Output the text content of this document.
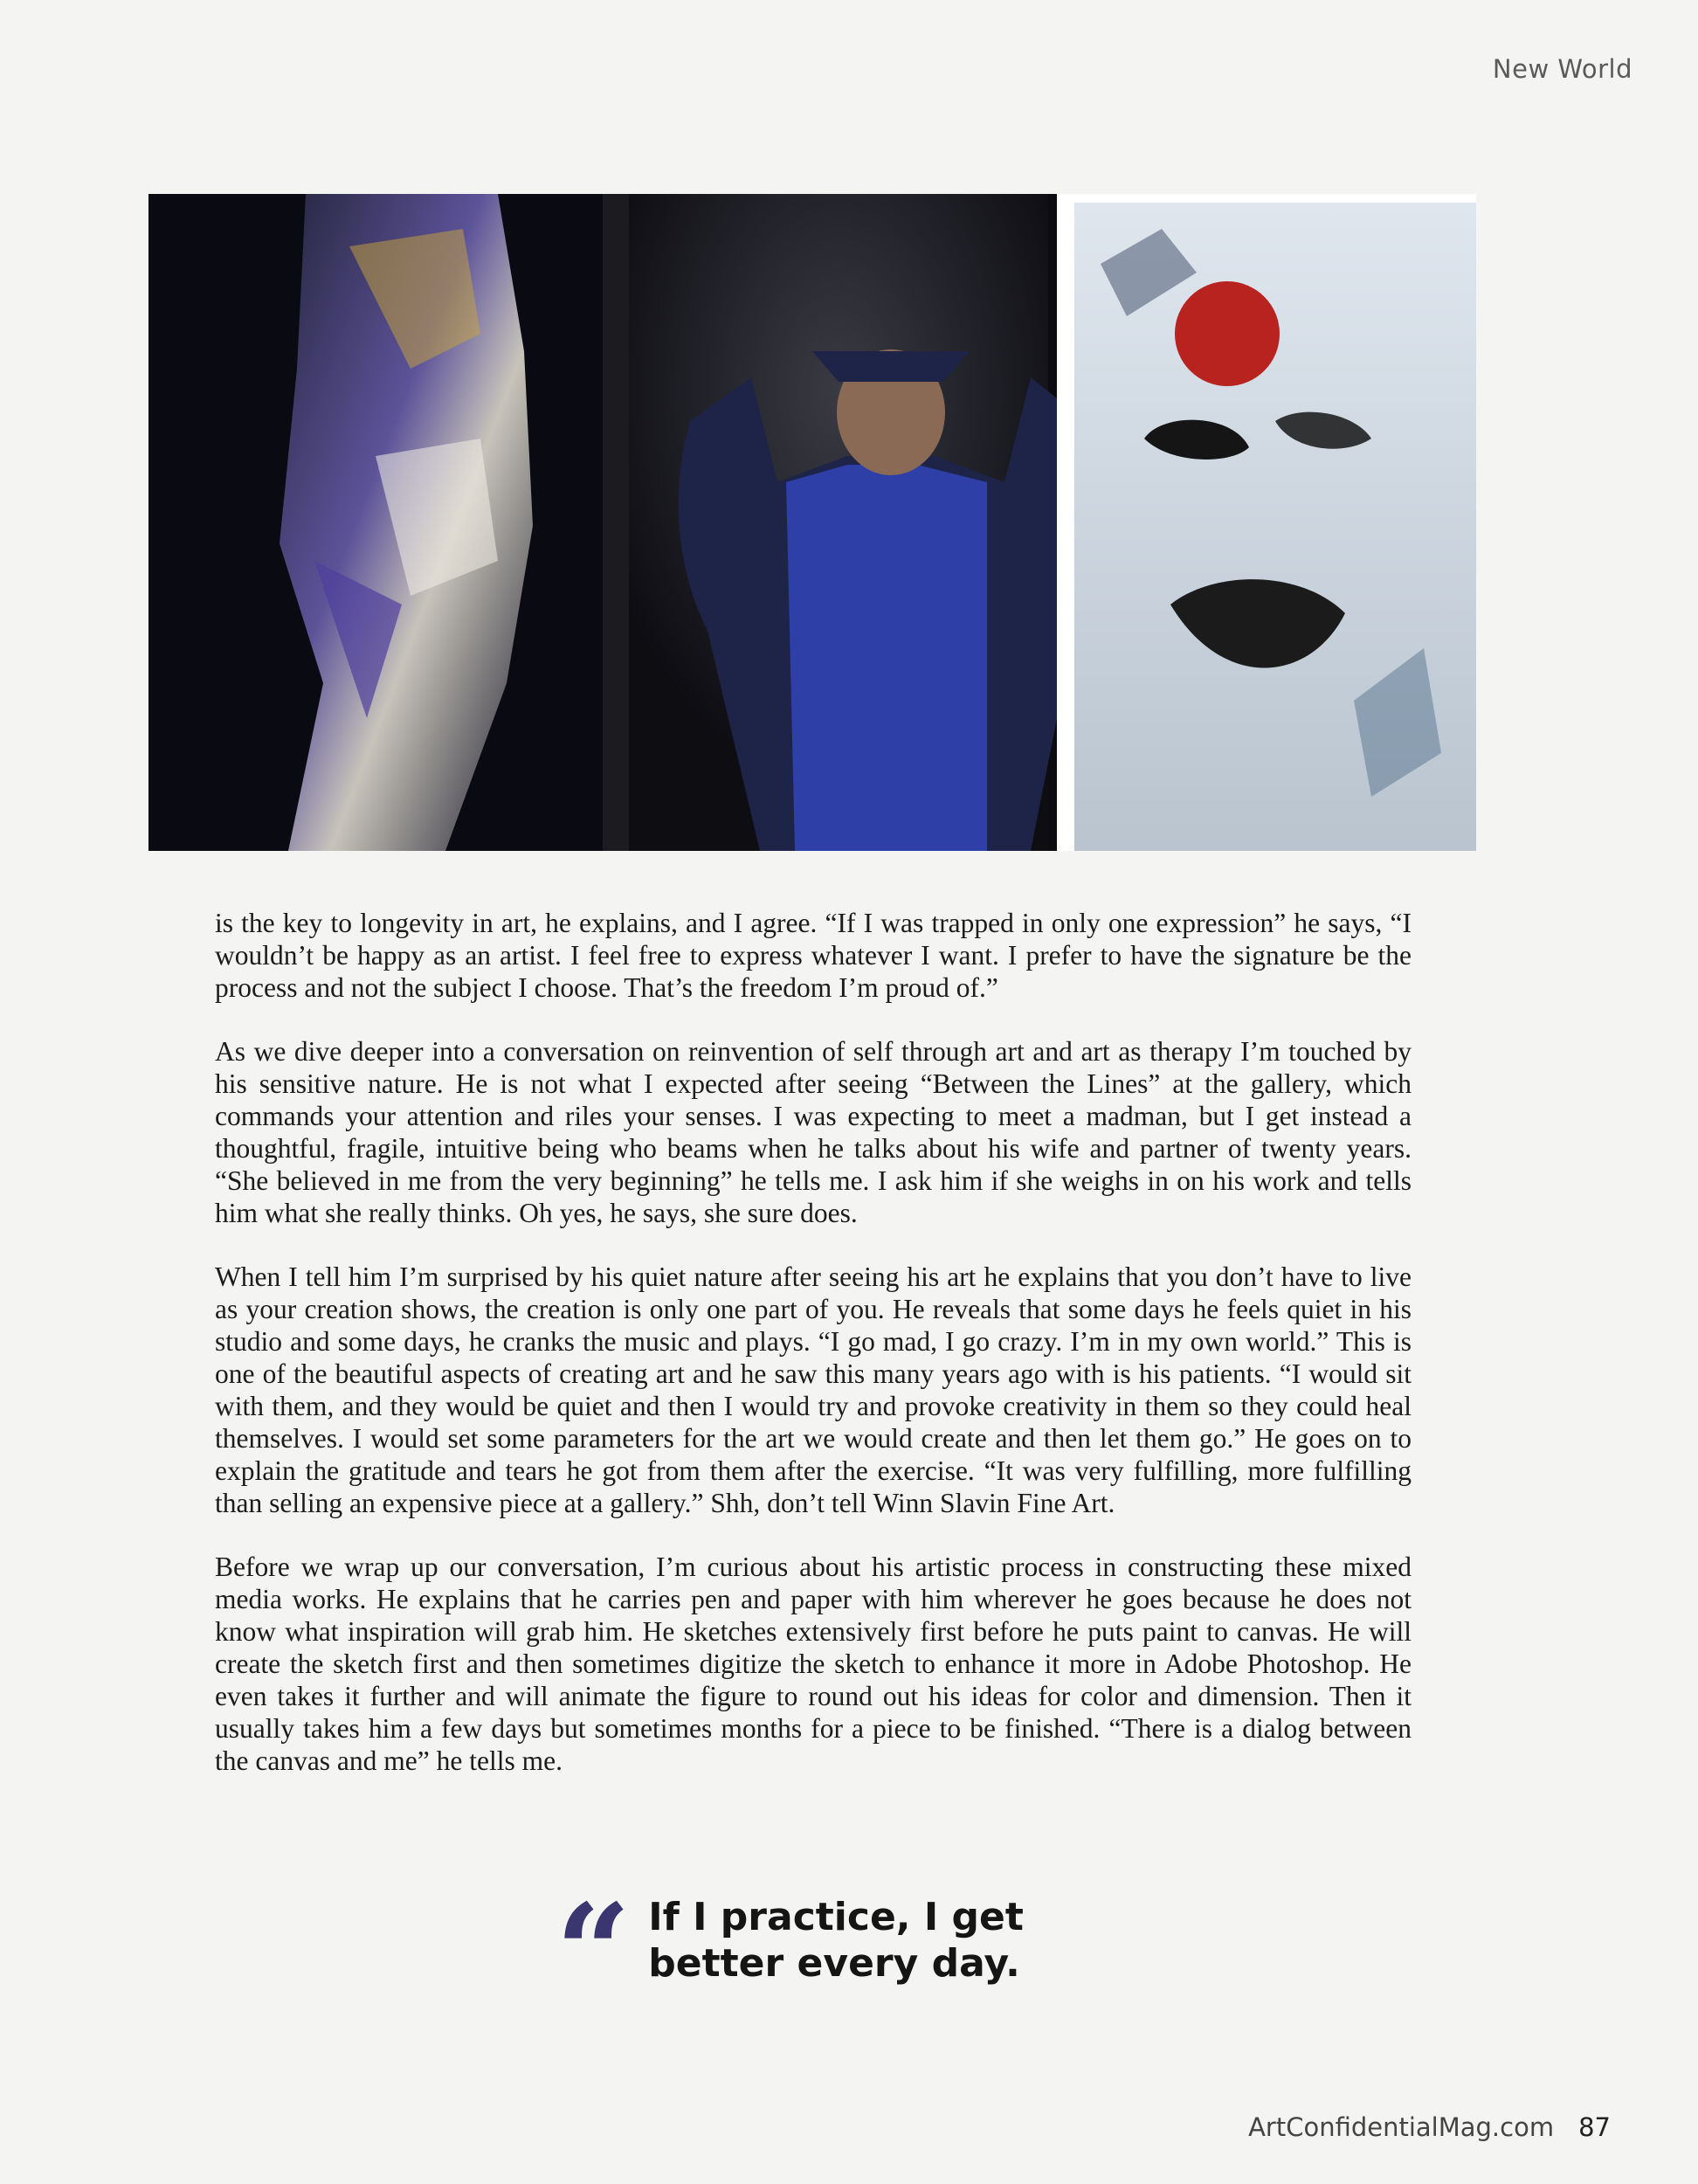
New World

is the key to longevity in art, he explains, and I agree. “If I was trapped in only one expression” he says, “I wouldn’t be happy as an artist. I feel free to express whatever I want. I prefer to have the signature be the process and not the subject I choose. That’s the freedom I’m proud of.”

As we dive deeper into a conversation on reinvention of self through art and art as therapy I’m touched by his sensitive nature. He is not what I expected after seeing “Between the Lines” at the gallery, which commands your attention and riles your senses. I was expecting to meet a madman, but I get instead a thoughtful, fragile, intuitive being who beams when he talks about his wife and partner of twenty years. “She believed in me from the very beginning” he tells me. I ask him if she weighs in on his work and tells him what she really thinks. Oh yes, he says, she sure does.

When I tell him I’m surprised by his quiet nature after seeing his art he explains that you don’t have to live as your creation shows, the creation is only one part of you. He reveals that some days he feels quiet in his studio and some days, he cranks the music and plays. “I go mad, I go crazy. I’m in my own world.” This is one of the beautiful aspects of creating art and he saw this many years ago with is his patients. “I would sit with them, and they would be quiet and then I would try and provoke creativity in them so they could heal themselves. I would set some parameters for the art we would create and then let them go.” He goes on to explain the gratitude and tears he got from them after the exercise. “It was very fulfilling, more fulfilling than selling an expensive piece at a gallery.” Shh, don’t tell Winn Slavin Fine Art.

Before we wrap up our conversation, I’m curious about his artistic process in constructing these mixed media works. He explains that he carries pen and paper with him wherever he goes because he does not know what inspiration will grab him. He sketches extensively first before he puts paint to canvas. He will create the sketch first and then sometimes digitize the sketch to enhance it more in Adobe Photoshop. He even takes it further and will animate the figure to round out his ideas for color and dimension. Then it usually takes him a few days but sometimes months for a piece to be finished. “There is a dialog between the canvas and me” he tells me.

“ If I practice, I get better every day.
ArtConfidentialMag.com 87
